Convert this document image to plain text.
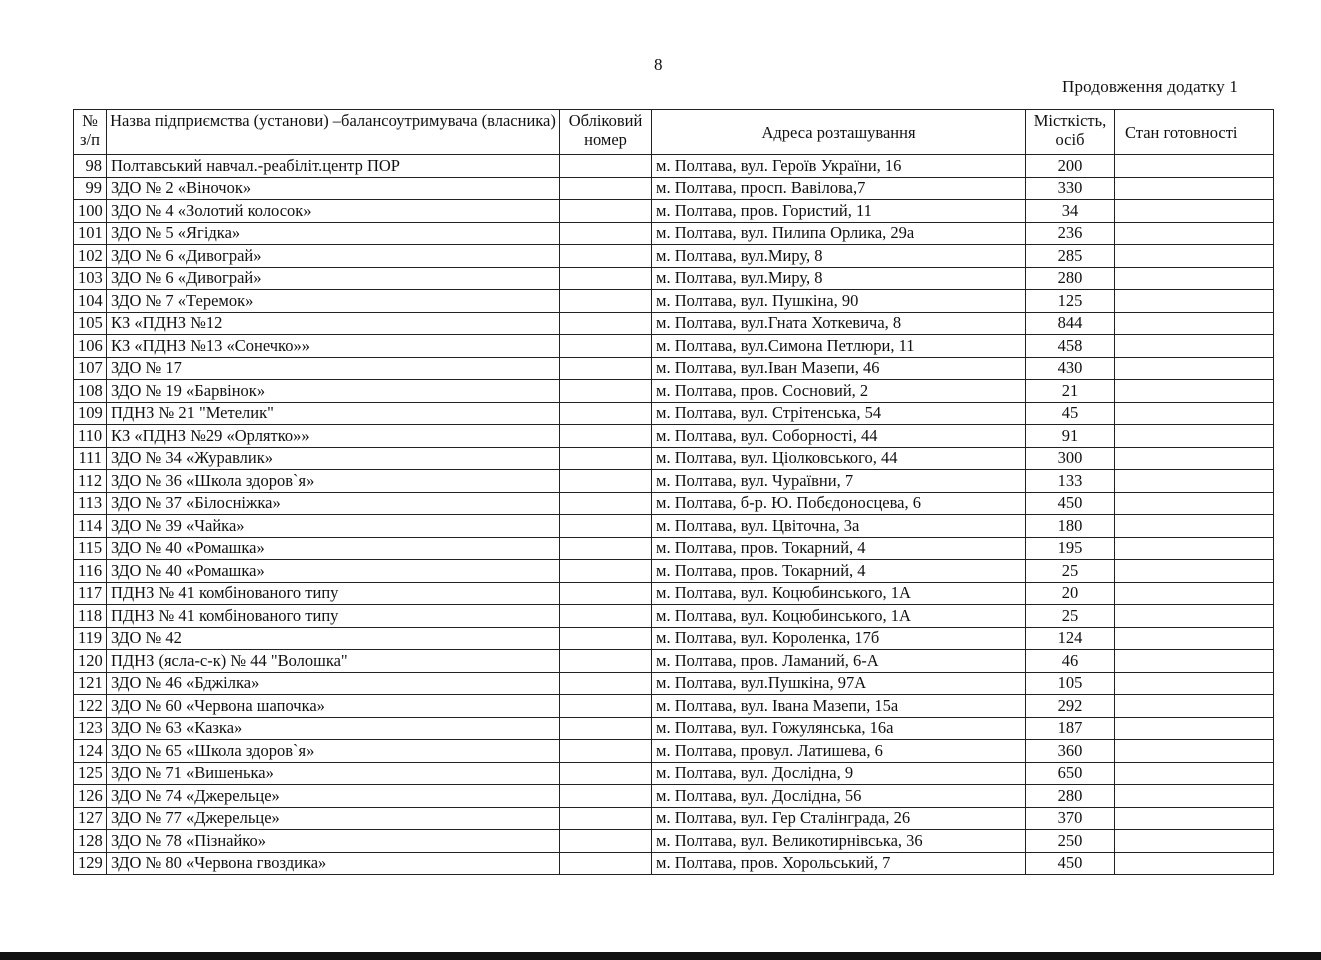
8
Продовження додатку 1
№ з/п	Назва підприємства (установи) –балансоутримувача (власника)	Обліковий номер	Адреса розташування	Місткість, осіб	Стан готовності
98	Полтавський навчал.-реабіліт.центр ПОР		м. Полтава, вул. Героїв України, 16	200	
99	ЗДО № 2 «Віночок»		м. Полтава, просп. Вавілова,7	330	
100	ЗДО № 4 «Золотий колосок»		м. Полтава, пров. Гористий, 11	34	
101	ЗДО № 5 «Ягідка»		м. Полтава, вул. Пилипа Орлика, 29а	236	
102	ЗДО № 6 «Дивограй»		м. Полтава, вул.Миру, 8	285	
103	ЗДО № 6 «Дивограй»		м. Полтава, вул.Миру, 8	280	
104	ЗДО № 7 «Теремок»		м. Полтава, вул. Пушкіна, 90	125	
105	КЗ «ПДНЗ №12		м. Полтава, вул.Гната Хоткевича, 8	844	
106	КЗ «ПДНЗ №13 «Сонечко»»		м. Полтава, вул.Симона Петлюри, 11	458	
107	ЗДО № 17		м. Полтава, вул.Іван Мазепи, 46	430	
108	ЗДО № 19 «Барвінок»		м. Полтава, пров. Сосновий, 2	21	
109	ПДНЗ № 21 "Метелик"		м. Полтава, вул. Стрітенська, 54	45	
110	КЗ «ПДНЗ №29 «Орлятко»»		м. Полтава, вул. Соборності, 44	91	
111	ЗДО № 34 «Журавлик»		м. Полтава, вул. Ціолковського, 44	300	
112	ЗДО № 36 «Школа здоров`я»		м. Полтава, вул. Чураївни, 7	133	
113	ЗДО № 37 «Білосніжка»		м. Полтава, б-р. Ю. Побєдоносцева, 6	450	
114	ЗДО № 39 «Чайка»		м. Полтава, вул. Цвіточна, 3а	180	
115	ЗДО № 40 «Ромашка»		м. Полтава, пров. Токарний, 4	195	
116	ЗДО № 40 «Ромашка»		м. Полтава, пров. Токарний, 4	25	
117	ПДНЗ № 41 комбінованого типу		м. Полтава, вул. Коцюбинського, 1А	20	
118	ПДНЗ № 41 комбінованого типу		м. Полтава, вул. Коцюбинського, 1А	25	
119	ЗДО № 42		м. Полтава, вул. Короленка, 17б	124	
120	ПДНЗ (ясла-с-к) № 44 "Волошка"		м. Полтава, пров. Ламаний, 6-А	46	
121	ЗДО № 46 «Бджілка»		м. Полтава, вул.Пушкіна, 97А	105	
122	ЗДО № 60 «Червона шапочка»		м. Полтава, вул. Івана Мазепи, 15а	292	
123	ЗДО № 63 «Казка»		м. Полтава, вул. Гожулянська, 16а	187	
124	ЗДО № 65 «Школа здоров`я»		м. Полтава, провул. Латишева, 6	360	
125	ЗДО № 71 «Вишенька»		м. Полтава, вул. Дослідна, 9	650	
126	ЗДО № 74 «Джерельце»		м. Полтава, вул. Дослідна, 56	280	
127	ЗДО № 77 «Джерельце»		м. Полтава, вул. Гер Сталінграда, 26	370	
128	ЗДО № 78 «Пізнайко»		м. Полтава, вул. Великотирнівська, 36	250	
129	ЗДО № 80 «Червона гвоздика»		м. Полтава, пров. Хорольський, 7	450	
